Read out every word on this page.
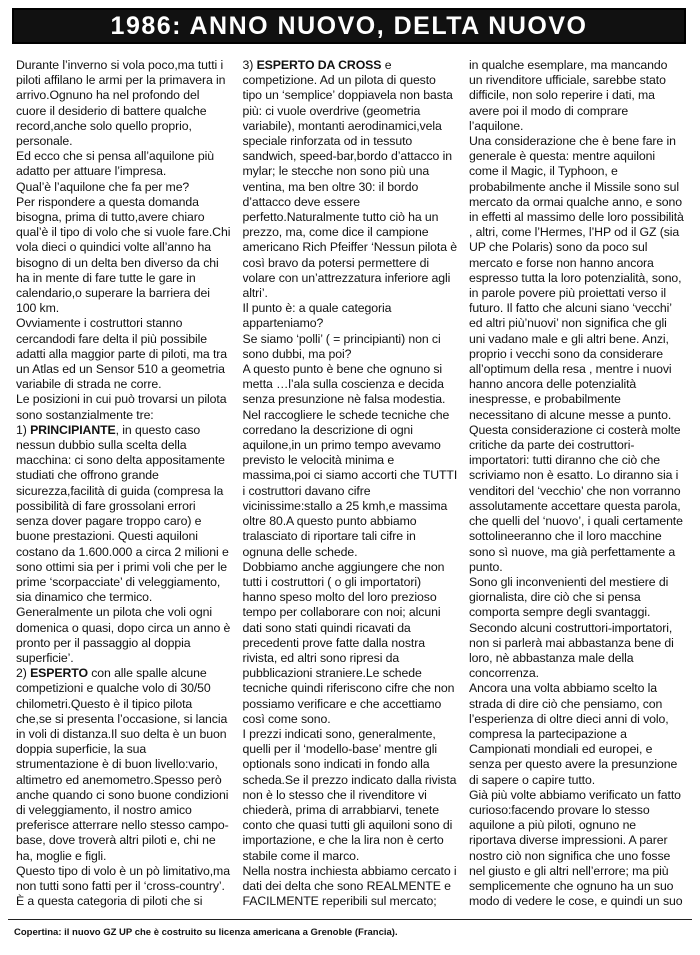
1986: ANNO NUOVO, DELTA NUOVO

Durante l’inverno si vola poco,ma tutti i piloti affilano le armi per la primavera in arrivo.Ognuno ha nel profondo del cuore il desiderio di battere qualche record,anche solo quello proprio, personale.

Ed ecco che si pensa all’aquilone più adatto per attuare l’impresa.

Qual’è l’aquilone che fa per me?

Per rispondere a questa domanda bisogna, prima di tutto,avere chiaro qual’è il tipo di volo che si vuole fare.Chi vola dieci o quindici volte all’anno ha bisogno di un delta ben diverso da chi ha in mente di fare tutte le gare in calendario,o superare la barriera dei 100 km.

Ovviamente i costruttori stanno cercandodi fare delta il più possibile adatti alla maggior parte di piloti, ma tra un Atlas ed un Sensor 510 a geometria variabile di strada ne corre.

Le posizioni in cui può trovarsi un pilota sono sostanzialmente tre:

1) PRINCIPIANTE, in questo caso nessun dubbio sulla scelta della macchina: ci sono delta appositamente studiati che offrono grande sicurezza,facilità di guida (compresa la possibilità di fare grossolani errori senza dover pagare troppo caro) e buone prestazioni. Questi aquiloni costano da 1.600.000 a circa 2 milioni e sono ottimi sia per i primi voli che per le prime ‘scorpacciate’ di veleggiamento, sia dinamico che termico. Generalmente un pilota che voli ogni domenica o quasi, dopo circa un anno è pronto per il passaggio al doppia superficie’.

2) ESPERTO con alle spalle alcune competizioni e qualche volo di 30/50 chilometri.Questo è il tipico pilota che,se si presenta l’occasione, si lancia in voli di distanza.Il suo delta è un buon doppia superficie, la sua strumentazione è di buon livello:vario, altimetro ed anemometro.Spesso però anche quando ci sono buone condizioni di veleggiamento, il nostro amico preferisce atterrare nello stesso campo-base, dove troverà altri piloti e, chi ne ha, moglie e figli.

Questo tipo di volo è un pò limitativo,ma non tutti sono fatti per il ‘cross-country’. È a questa categoria di piloti che si

3) ESPERTO DA CROSS e competizione. Ad un pilota di questo tipo un ‘semplice’ doppiavela non basta più: ci vuole overdrive (geometria variabile), montanti aerodinamici,vela speciale rinforzata od in tessuto sandwich, speed-bar,bordo d’attacco in mylar; le stecche non sono più una ventina, ma ben oltre 30: il bordo d’attacco deve essere perfetto.Naturalmente tutto ciò ha un prezzo, ma, come dice il campione americano Rich Pfeiffer ‘Nessun pilota è così bravo da potersi permettere di volare con un’attrezzatura inferiore agli altri’.

Il punto è: a quale categoria apparteniamo?

Se siamo ‘polli’ ( = principianti) non ci sono dubbi, ma poi?

A questo punto è bene che ognuno si metta …l’ala sulla coscienza e decida senza presunzione nè falsa modestia.

Nel raccogliere le schede tecniche che corredano la descrizione di ogni aquilone,in un primo tempo avevamo previsto le velocità minima e massima,poi ci siamo accorti che TUTTI i costruttori davano cifre vicinissime:stallo a 25 kmh,e massima oltre 80.A questo punto abbiamo tralasciato di riportare tali cifre in ognuna delle schede.

Dobbiamo anche aggiungere che non tutti i costruttori ( o gli importatori) hanno speso molto del loro prezioso tempo per collaborare con noi; alcuni dati sono stati quindi ricavati da precedenti prove fatte dalla nostra rivista, ed altri sono ripresi da pubblicazioni straniere.Le schede tecniche quindi riferiscono cifre che non possiamo verificare e che accettiamo così come sono.

I prezzi indicati sono, generalmente, quelli per il ‘modello-base’ mentre gli optionals sono indicati in fondo alla scheda.Se il prezzo indicato dalla rivista non è lo stesso che il rivenditore vi chiederà, prima di arrabbiarvi, tenete conto che quasi tutti gli aquiloni sono di importazione, e che la lira non è certo stabile come il marco.

Nella nostra inchiesta abbiamo cercato i dati dei delta che sono REALMENTE e FACILMENTE reperibili sul mercato;

in qualche esemplare, ma mancando un rivenditore ufficiale, sarebbe stato difficile, non solo reperire i dati, ma avere poi il modo di comprare l’aquilone.

Una considerazione che è bene fare in generale è questa: mentre aquiloni come il Magic, il Typhoon, e probabilmente anche il Missile sono sul mercato da ormai qualche anno, e sono in effetti al massimo delle loro possibilità , altri, come l’Hermes, l’HP od il GZ (sia UP che Polaris) sono da poco sul mercato e forse non hanno ancora espresso tutta la loro potenzialità, sono, in parole povere più proiettati verso il futuro. Il fatto che alcuni siano ‘vecchi’ ed altri più’nuovi’ non significa che gli uni vadano male e gli altri bene. Anzi, proprio i vecchi sono da considerare all’optimum della resa , mentre i nuovi hanno ancora delle potenzialità inespresse, e probabilmente necessitano di alcune messe a punto.

Questa considerazione ci costerà molte critiche da parte dei costruttori-importatori: tutti diranno che ciò che scriviamo non è esatto. Lo diranno sia i venditori del ‘vecchio’ che non vorranno assolutamente accettare questa parola, che quelli del ‘nuovo’, i quali certamente sottolineeranno che il loro macchine sono sì nuove, ma già perfettamente a punto.

Sono gli inconvenienti del mestiere di giornalista, dire ciò che si pensa comporta sempre degli svantaggi. Secondo alcuni costruttori-importatori, non si parlerà mai abbastanza bene di loro, nè abbastanza male della concorrenza.

Ancora una volta abbiamo scelto la strada di dire ciò che pensiamo, con l’esperienza di oltre dieci anni di volo, compresa la partecipazione a Campionati mondiali ed europei, e senza per questo avere la presunzione di sapere o capire tutto.

Già più volte abbiamo verificato un fatto curioso:facendo provare lo stesso aquilone a più piloti, ognuno ne riportava diverse impressioni. A parer nostro ciò non significa che uno fosse nel giusto e gli altri nell’errore; ma più semplicemente che ognuno ha un suo modo di vedere le cose, e quindi un suo

Copertina: il nuovo GZ UP che è costruito su licenza americana a Grenoble (Francia).
